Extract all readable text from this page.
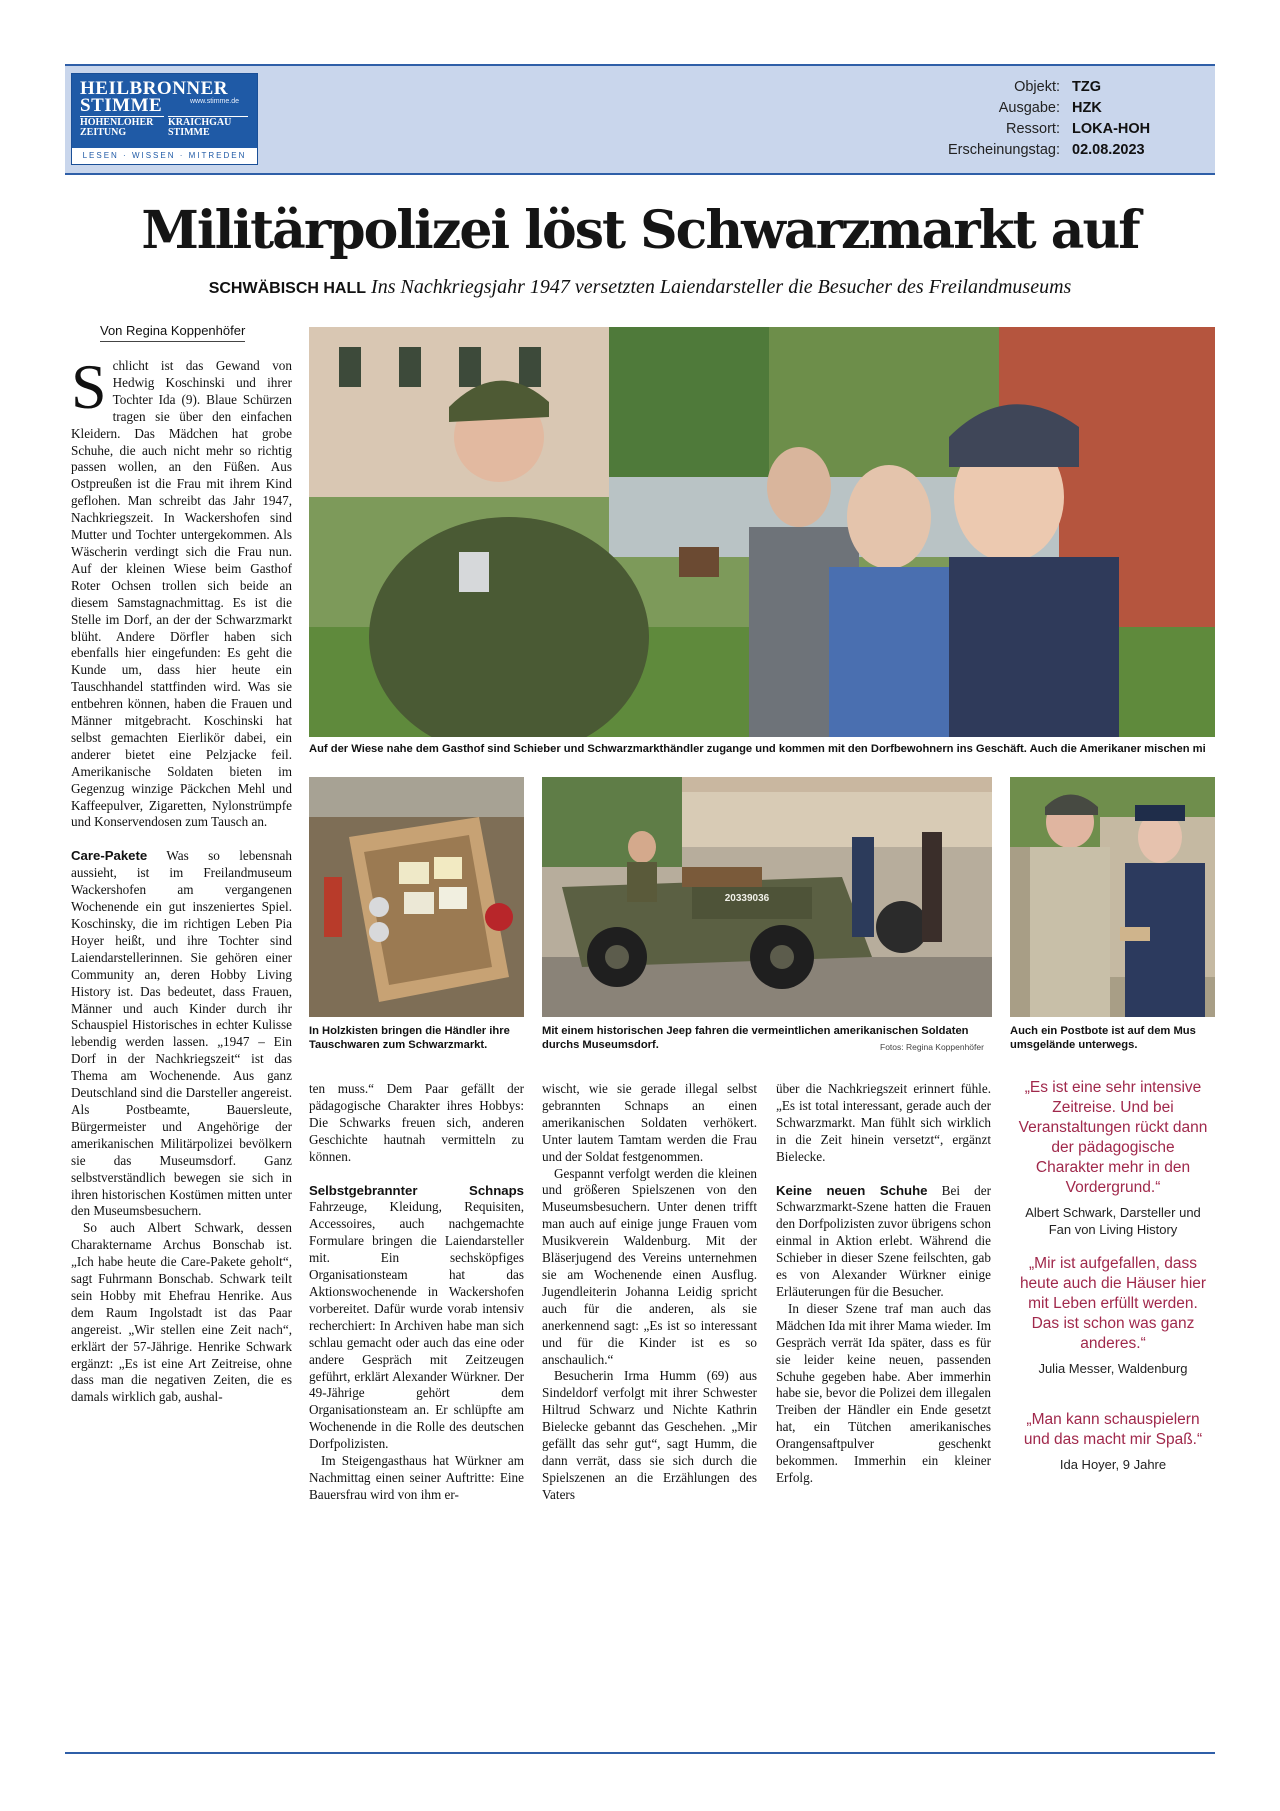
HEILBRONNER
STIMME	www.stimme.de
HOHENLOHER ZEITUNG
KRAICHGAU STIMME
LESEN · WISSEN · MITREDEN
Objekt: TZG
Ausgabe: HZK
Ressort: LOKA-HOH
Erscheinungstag: 02.08.2023
Militärpolizei löst Schwarzmarkt auf
SCHWÄBISCH HALL Ins Nachkriegsjahr 1947 versetzten Laiendarsteller die Besucher des Freilandmuseums
Von Regina Koppenhöfer
Auf der Wiese nahe dem Gasthof sind Schieber und Schwarzmarkthändler zugange und kommen mit den Dorfbewohnern ins Geschäft. Auch die Amerikaner mischen mi
In Holzkisten bringen die Händler ihre
Tauschwaren zum Schwarzmarkt.
20339036
Mit einem historischen Jeep fahren die vermeintlichen amerikanischen Soldaten
durchs Museumsdorf.	Fotos: Regina Koppenhöfer
Auch ein Postbote ist auf dem Mus
umsgelände unterwegs.

Schlicht ist das Gewand von Hedwig Koschinski und ihrer Tochter Ida (9). Blaue Schürzen tragen sie über den einfachen Kleidern. Das Mädchen hat grobe Schuhe, die auch nicht mehr so richtig passen wollen, an den Füßen. Aus Ostpreußen ist die Frau mit ihrem Kind geflohen. Man schreibt das Jahr 1947, Nachkriegszeit. In Wackershofen sind Mutter und Tochter untergekommen. Als Wäscherin verdingt sich die Frau nun. Auf der kleinen Wiese beim Gasthof Roter Ochsen trollen sich beide an diesem Samstagnachmittag. Es ist die Stelle im Dorf, an der der Schwarzmarkt blüht. Andere Dörfler haben sich ebenfalls hier eingefunden: Es geht die Kunde um, dass hier heute ein Tauschhandel stattfinden wird. Was sie entbehren können, haben die Frauen und Männer mitgebracht. Koschinski hat selbst gemachten Eierlikör dabei, ein anderer bietet eine Pelzjacke feil. Amerikanische Soldaten bieten im Gegenzug winzige Päckchen Mehl und Kaffeepulver, Zigaretten, Nylonstrümpfe und Konservendosen zum Tausch an.

Care-Pakete Was so lebensnah aussieht, ist im Freilandmuseum Wackershofen am vergangenen Wochenende ein gut inszeniertes Spiel. Koschinsky, die im richtigen Leben Pia Hoyer heißt, und ihre Tochter sind Laiendarstellerinnen. Sie gehören einer Community an, deren Hobby Living History ist. Das bedeutet, dass Frauen, Männer und auch Kinder durch ihr Schauspiel Historisches in echter Kulisse lebendig werden lassen. „1947 – Ein Dorf in der Nachkriegszeit“ ist das Thema am Wochenende. Aus ganz Deutschland sind die Darsteller angereist. Als Postbeamte, Bauersleute, Bürgermeister und Angehörige der amerikanischen Militärpolizei bevölkern sie das Museumsdorf. Ganz selbstverständlich bewegen sie sich in ihren historischen Kostümen mitten unter den Museumsbesuchern.

So auch Albert Schwark, dessen Charaktername Archus Bonschab ist. „Ich habe heute die Care-Pakete geholt“, sagt Fuhrmann Bonschab. Schwark teilt sein Hobby mit Ehefrau Henrike. Aus dem Raum Ingolstadt ist das Paar angereist. „Wir stellen eine Zeit nach“, erklärt der 57-Jährige. Henrike Schwark ergänzt: „Es ist eine Art Zeitreise, ohne dass man die negativen Zeiten, die es damals wirklich gab, aushal-

ten muss.“ Dem Paar gefällt der pädagogische Charakter ihres Hobbys: Die Schwarks freuen sich, anderen Geschichte hautnah vermitteln zu können.

Selbstgebrannter Schnaps Fahrzeuge, Kleidung, Requisiten, Accessoires, auch nachgemachte Formulare bringen die Laiendarsteller mit. Ein sechsköpfiges Organisationsteam hat das Aktionswochenende in Wackershofen vorbereitet. Dafür wurde vorab intensiv recherchiert: In Archiven habe man sich schlau gemacht oder auch das eine oder andere Gespräch mit Zeitzeugen geführt, erklärt Alexander Würkner. Der 49-Jährige gehört dem Organisationsteam an. Er schlüpfte am Wochenende in die Rolle des deutschen Dorfpolizisten.

Im Steigengasthaus hat Würkner am Nachmittag einen seiner Auftritte: Eine Bauersfrau wird von ihm er-

wischt, wie sie gerade illegal selbst gebrannten Schnaps an einen amerikanischen Soldaten verhökert. Unter lautem Tamtam werden die Frau und der Soldat festgenommen.

Gespannt verfolgt werden die kleinen und größeren Spielszenen von den Museumsbesuchern. Unter denen trifft man auch auf einige junge Frauen vom Musikverein Waldenburg. Mit der Bläserjugend des Vereins unternehmen sie am Wochenende einen Ausflug. Jugendleiterin Johanna Leidig spricht auch für die anderen, als sie anerkennend sagt: „Es ist so interessant und für die Kinder ist es so anschaulich.“

Besucherin Irma Humm (69) aus Sindeldorf verfolgt mit ihrer Schwester Hiltrud Schwarz und Nichte Kathrin Bielecke gebannt das Geschehen. „Mir gefällt das sehr gut“, sagt Humm, die dann verrät, dass sie sich durch die Spielszenen an die Erzählungen des Vaters

über die Nachkriegszeit erinnert fühle. „Es ist total interessant, gerade auch der Schwarzmarkt. Man fühlt sich wirklich in die Zeit hinein versetzt“, ergänzt Bielecke.

Keine neuen Schuhe Bei der Schwarzmarkt-Szene hatten die Frauen den Dorfpolizisten zuvor übrigens schon einmal in Aktion erlebt. Während die Schieber in dieser Szene feilschten, gab es von Alexander Würkner einige Erläuterungen für die Besucher.

In dieser Szene traf man auch das Mädchen Ida mit ihrer Mama wieder. Im Gespräch verrät Ida später, dass es für sie leider keine neuen, passenden Schuhe gegeben habe. Aber immerhin habe sie, bevor die Polizei dem illegalen Treiben der Händler ein Ende gesetzt hat, ein Tütchen amerikanisches Orangensaftpulver geschenkt bekommen. Immerhin ein kleiner Erfolg.

„Es ist eine sehr intensive Zeitreise. Und bei Veranstaltungen rückt dann der pädagogische Charakter mehr in den Vordergrund.“
Albert Schwark, Darsteller und Fan von Living History
„Mir ist aufgefallen, dass heute auch die Häuser hier mit Leben erfüllt werden. Das ist schon was ganz anderes.“
Julia Messer, Waldenburg
„Man kann schauspielern und das macht mir Spaß.“
Ida Hoyer, 9 Jahre
